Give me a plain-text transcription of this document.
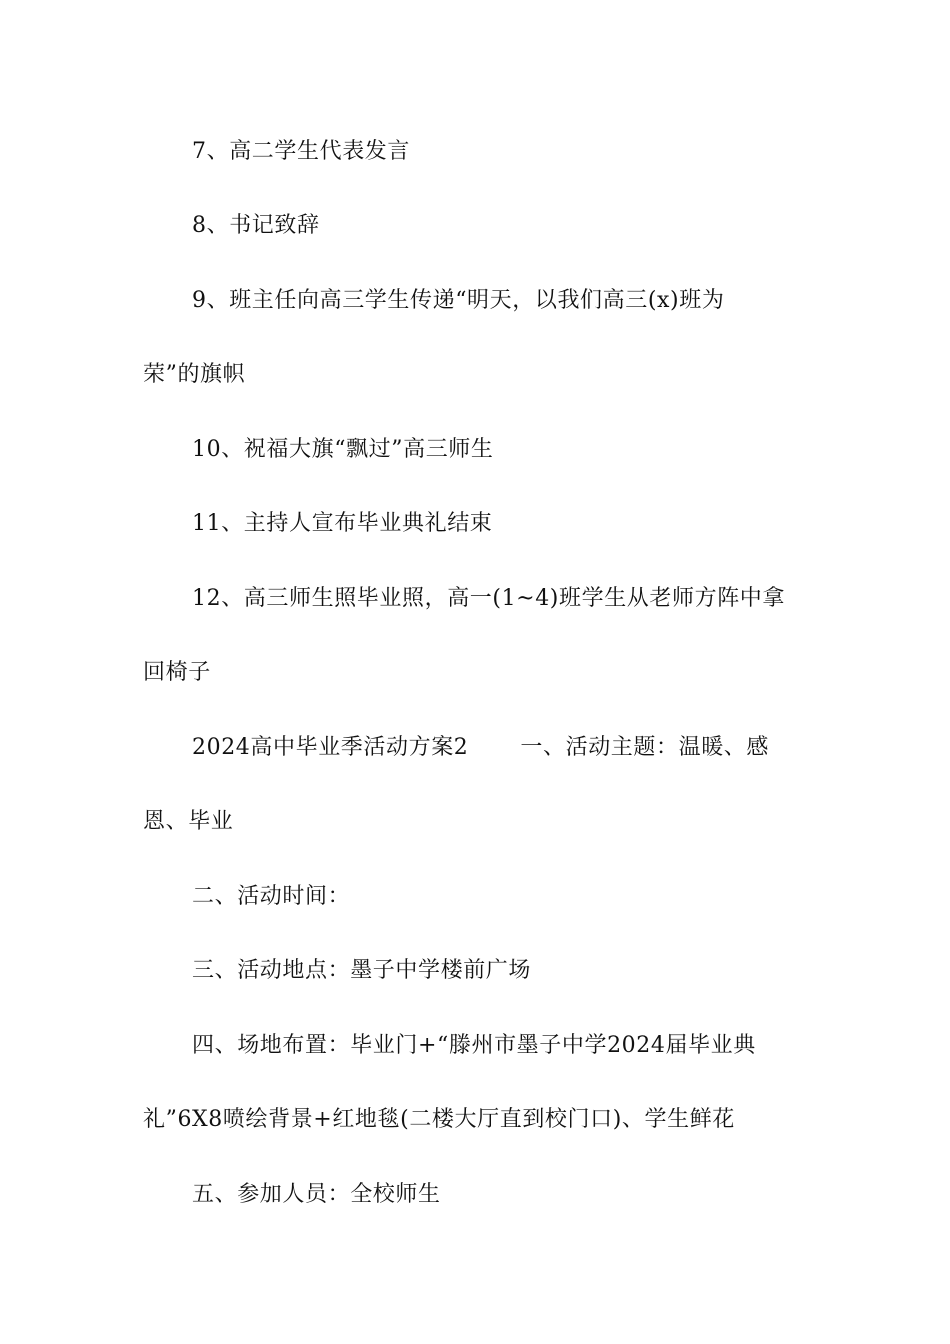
7、高二学生代表发言
8、书记致辞
9、班主任向高三学生传递“明天，以我们高三(x)班为
荣”的旗帜
10、祝福大旗“飘过”高三师生
11、主持人宣布毕业典礼结束
12、高三师生照毕业照，高一(1~4)班学生从老师方阵中拿
回椅子
2024高中毕业季活动方案2 一、活动主题：温暖、感
恩、毕业
二、活动时间：
三、活动地点：墨子中学楼前广场
四、场地布置：毕业门+“滕州市墨子中学2024届毕业典
礼”6X8喷绘背景+红地毯(二楼大厅直到校门口)、学生鲜花
五、参加人员：全校师生
